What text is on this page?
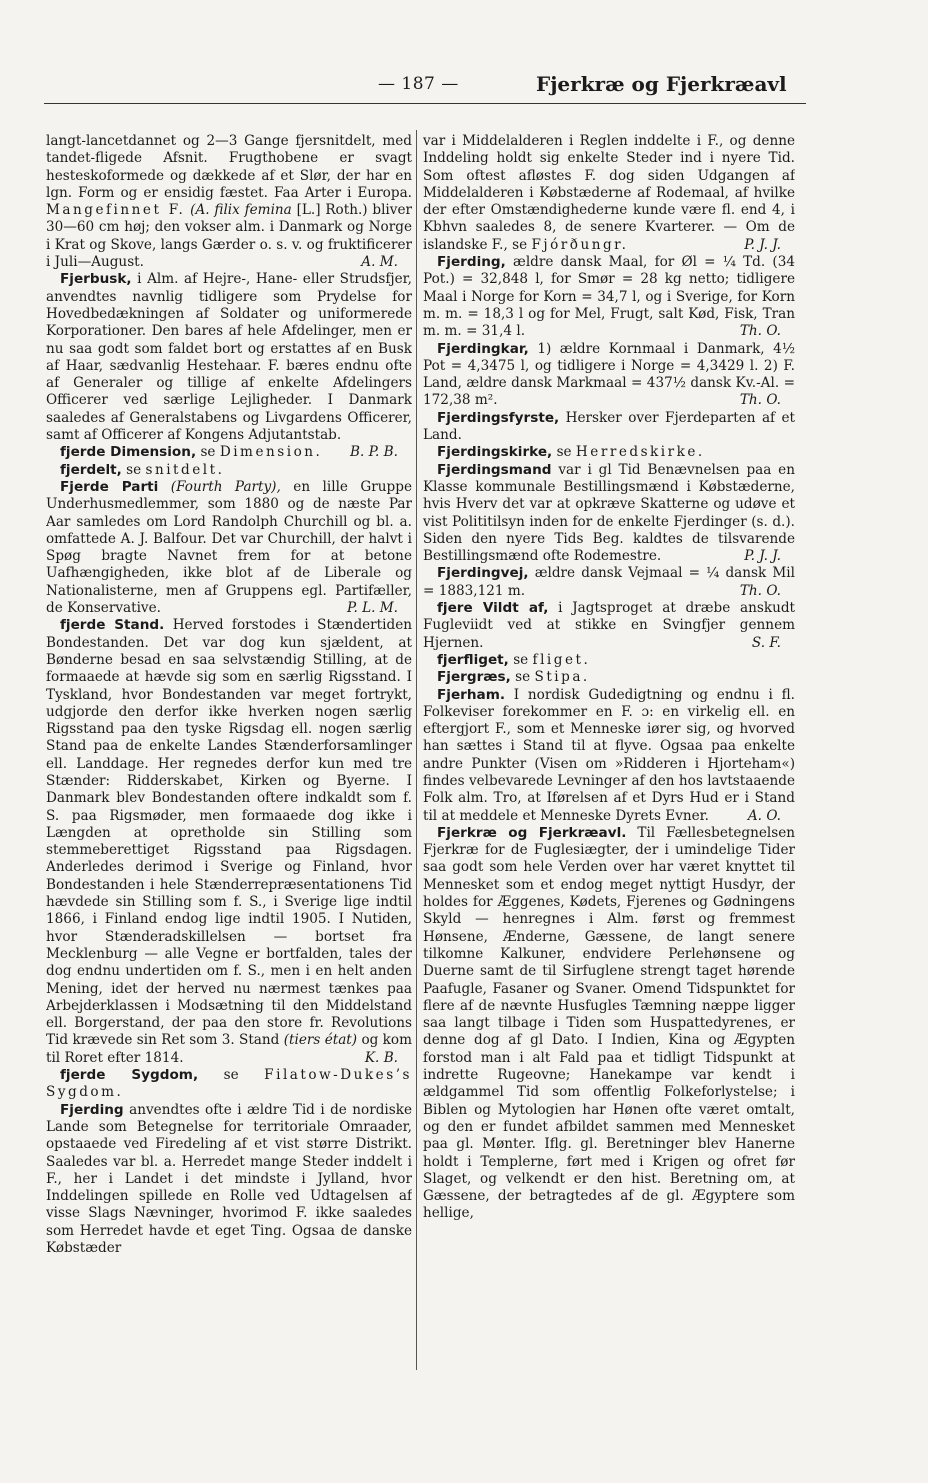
— 187 —	Fjerkræ og Fjerkræavl

langt-lancetdannet og 2—3 Gange fjersnitdelt, med tandet-fligede Afsnit. Frugthobene er svagt hesteskoformede og dækkede af et Slør, der har en lgn. Form og er ensidig fæstet. Faa Arter i Europa. Mangefinnet F. (A. filix femina [L.] Roth.) bliver 30—60 cm høj; den vokser alm. i Danmark og Norge i Krat og Skove, langs Gærder o. s. v. og fruktificerer i Juli—August.	A. M.

Fjerbusk, i Alm. af Hejre-, Hane- eller Strudsfjer, anvendtes navnlig tidligere som Prydelse for Hovedbedækningen af Soldater og uniformerede Korporationer. Den bares af hele Afdelinger, men er nu saa godt som faldet bort og erstattes af en Busk af Haar, sædvanlig Hestehaar. F. bæres endnu ofte af Generaler og tillige af enkelte Afdelingers Officerer ved særlige Lejligheder. I Danmark saaledes af Generalstabens og Livgardens Officerer, samt af Officerer af Kongens Adjutantstab.
B. P. B.

fjerde Dimension, se Dimension.

fjerdelt, se snitdelt.

Fjerde Parti (Fourth Party), en lille Gruppe Underhusmedlemmer, som 1880 og de næste Par Aar samledes om Lord Randolph Churchill og bl. a. omfattede A. J. Balfour. Det var Churchill, der halvt i Spøg bragte Navnet frem for at betone Uafhængigheden, ikke blot af de Liberale og Nationalisterne, men af Gruppens egl. Partifæller, de Konservative.	P. L. M.

fjerde Stand. Herved forstodes i Stændertiden Bondestanden. Det var dog kun sjældent, at Bønderne besad en saa selvstændig Stilling, at de formaaede at hævde sig som en særlig Rigsstand. I Tyskland, hvor Bondestanden var meget fortrykt, udgjorde den derfor ikke hverken nogen særlig Rigsstand paa den tyske Rigsdag ell. nogen særlig Stand paa de enkelte Landes Stænderforsamlinger ell. Landdage. Her regnedes derfor kun med tre Stænder: Ridderskabet, Kirken og Byerne. I Danmark blev Bondestanden oftere indkaldt som f. S. paa Rigsmøder, men formaaede dog ikke i Længden at opretholde sin Stilling som stemmeberettiget Rigsstand paa Rigsdagen. Anderledes derimod i Sverige og Finland, hvor Bondestanden i hele Stænderrepræsentationens Tid hævdede sin Stilling som f. S., i Sverige lige indtil 1866, i Finland endog lige indtil 1905. I Nutiden, hvor Stænderadskillelsen — bortset fra Mecklenburg — alle Vegne er bortfalden, tales der dog endnu undertiden om f. S., men i en helt anden Mening, idet der herved nu nærmest tænkes paa Arbejderklassen i Modsætning til den Middelstand ell. Borgerstand, der paa den store fr. Revolutions Tid krævede sin Ret som 3. Stand (tiers état) og kom til Roret efter 1814.	K. B.

fjerde Sygdom, se Filatow-Dukes’s Sygdom.

Fjerding anvendtes ofte i ældre Tid i de nordiske Lande som Betegnelse for territoriale Omraader, opstaaede ved Firedeling af et vist større Distrikt. Saaledes var bl. a. Herredet mange Steder inddelt i F., her i Landet i det mindste i Jylland, hvor Inddelingen spillede en Rolle ved Udtagelsen af visse Slags Nævninger, hvorimod F. ikke saaledes som Herredet havde et eget Ting. Ogsaa de danske Købstæder

var i Middelalderen i Reglen inddelte i F., og denne Inddeling holdt sig enkelte Steder ind i nyere Tid. Som oftest afløstes F. dog siden Udgangen af Middelalderen i Købstæderne af Rodemaal, af hvilke der efter Omstændighederne kunde være fl. end 4, i Kbhvn saaledes 8, de senere Kvarterer. — Om de islandske F., se Fjórðungr.	P. J. J.

Fjerding, ældre dansk Maal, for Øl = ¼ Td. (34 Pot.) = 32,848 l, for Smør = 28 kg netto; tidligere Maal i Norge for Korn = 34,7 l, og i Sverige, for Korn m. m. = 18,3 l og for Mel, Frugt, salt Kød, Fisk, Tran m. m. = 31,4 l.	Th. O.

Fjerdingkar, 1) ældre Kornmaal i Danmark, 4½ Pot = 4,3475 l, og tidligere i Norge = 4,3429 l. 2) F. Land, ældre dansk Markmaal = 437½ dansk Kv.-Al. = 172,38 m².	Th. O.

Fjerdingsfyrste, Hersker over Fjerdeparten af et Land.

Fjerdingskirke, se Herredskirke.

Fjerdingsmand var i gl Tid Benævnelsen paa en Klasse kommunale Bestillingsmænd i Købstæderne, hvis Hverv det var at opkræve Skatterne og udøve et vist Polititilsyn inden for de enkelte Fjerdinger (s. d.). Siden den nyere Tids Beg. kaldtes de tilsvarende Bestillingsmænd ofte Rodemestre.	P. J. J.

Fjerdingvej, ældre dansk Vejmaal = ¼ dansk Mil = 1883,121 m.	Th. O.

fjere Vildt af, i Jagtsproget at dræbe anskudt Fugleviidt ved at stikke en Svingfjer gennem Hjernen.	S. F.

fjerfliget, se fliget.

Fjergræs, se Stipa.

Fjerham. I nordisk Gudedigtning og endnu i fl. Folkeviser forekommer en F. ɔ: en virkelig ell. en eftergjort F., som et Menneske iører sig, og hvorved han sættes i Stand til at flyve. Ogsaa paa enkelte andre Punkter (Visen om »Ridderen i Hjorteham«) findes velbevarede Levninger af den hos lavtstaaende Folk alm. Tro, at Iførelsen af et Dyrs Hud er i Stand til at meddele et Menneske Dyrets Evner.	A. O.

Fjerkræ og Fjerkræavl. Til Fællesbetegnelsen Fjerkræ for de Fuglesiægter, der i umindelige Tider saa godt som hele Verden over har været knyttet til Mennesket som et endog meget nyttigt Husdyr, der holdes for Æggenes, Kødets, Fjerenes og Gødningens Skyld — henregnes i Alm. først og fremmest Hønsene, Ænderne, Gæssene, de langt senere tilkomne Kalkuner, endvidere Perlehønsene og Duerne samt de til Sirfuglene strengt taget hørende Paafugle, Fasaner og Svaner. Omend Tidspunktet for flere af de nævnte Husfugles Tæmning næppe ligger saa langt tilbage i Tiden som Huspattedyrenes, er denne dog af gl Dato. I Indien, Kina og Ægypten forstod man i alt Fald paa et tidligt Tidspunkt at indrette Rugeovne; Hanekampe var kendt i ældgammel Tid som offentlig Folkeforlystelse; i Biblen og Mytologien har Hønen ofte været omtalt, og den er fundet afbildet sammen med Mennesket paa gl. Mønter. Iflg. gl. Beretninger blev Hanerne holdt i Templerne, ført med i Krigen og ofret før Slaget, og velkendt er den hist. Beretning om, at Gæssene, der betragtedes af de gl. Ægyptere som hellige,
